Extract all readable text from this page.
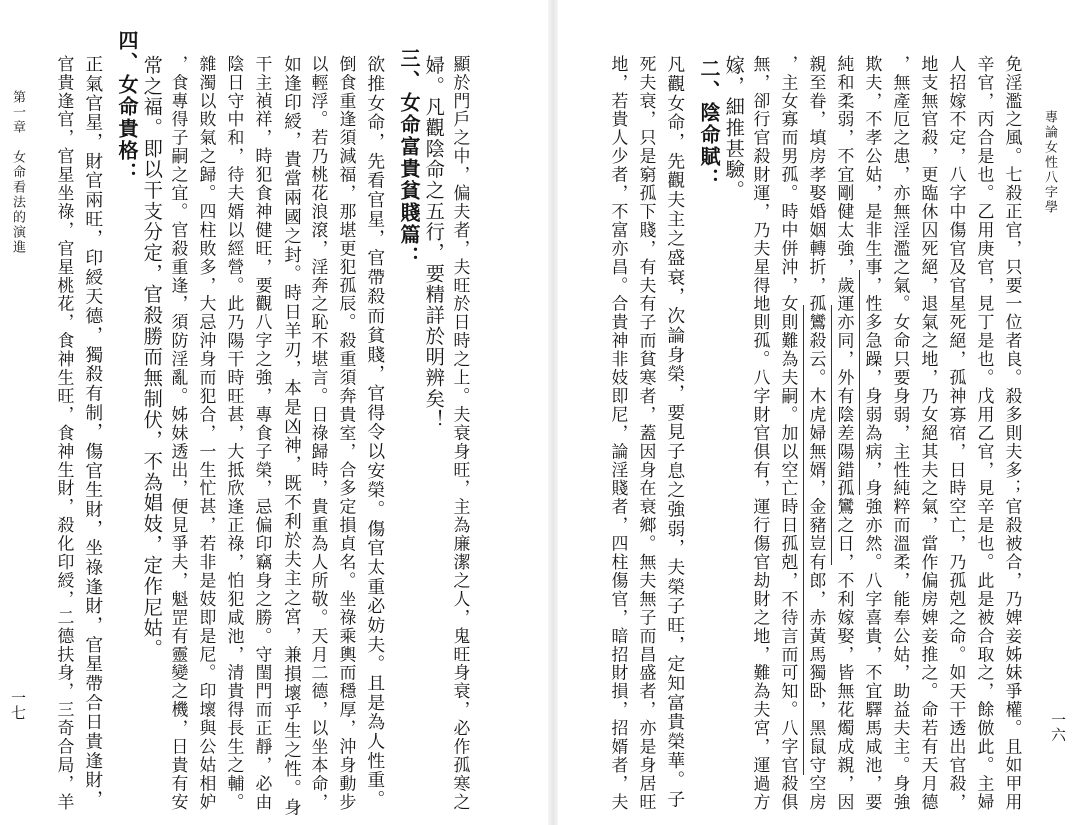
專論女性八字學
一六
免淫濫之風。七殺正官，只要一位者良。殺多則夫多；官殺被合，乃婢妾姊妹爭權。且如甲用
辛官，丙合是也。乙用庚官，見丁是也。戊用乙官，見辛是也。此是被合取之，餘倣此。主婦
人招嫁不定，八字中傷官及官星死絕，孤神寡宿，日時空亡，乃孤剋之命。如天干透出官殺，
地支無官殺，更臨休囚死絕，退氣之地，乃女絕其夫之氣，當作偏房婢妾推之。命若有天月德
，無產厄之患，亦無淫濫之氣。女命只要身弱，主性純粹而溫柔，能奉公姑，助益夫主。身強
欺夫，不孝公姑，是非生事，性多急躁，身弱為病，身強亦然。八字喜貴，不宜驛馬咸池，要
純和柔弱，不宜剛健太強，歲運亦同，外有陰差陽錯孤鸞之日，不利嫁娶，皆無花燭成親，因
親至眷，填房孝娶婚姻轉折，孤鸞殺云。木虎婦無婿，金豬豈有郎，赤黃馬獨卧，黑鼠守空房
，主女寡而男孤。時中併沖，女則難為夫嗣。加以空亡時日孤剋，不待言而可知。八字官殺俱
無，卻行官殺財運，乃夫星得地則孤。八字財官俱有，運行傷官劫財之地，難為夫宮，運過方
嫁，細推甚驗。
二、陰命賦：
凡觀女命，先觀夫主之盛衰，次論身榮，要見子息之強弱，夫榮子旺，定知富貴榮華。子
死夫衰，只是窮孤下賤，有夫有子而貧寒者，蓋因身在衰鄉。無夫無子而昌盛者，亦是身居旺
地，若貴人少者，不富亦昌。合貴神非妓即尼，論淫賤者，四柱傷官，暗招財損，招婿者，夫
第一章　女命看法的演進
一七	顯於門戶之中，偏夫者，夫旺於日時之上。夫衰身旺，主為廉潔之人，鬼旺身衰，必作孤寒之
婦。凡觀陰命之五行，要精詳於明辨矣！
三、女命富貴貧賤篇：
欲推女命，先看官星，官帶殺而貧賤，官得令以安榮。傷官太重必妨夫。且是為人性重。
倒食重逢須減福，那堪更犯孤辰。殺重須奔貴室，合多定損貞名。坐祿乘輿而穩厚，沖身動步
以輕浮。若乃桃花浪滾，淫奔之恥不堪言。日祿歸時，貴重為人所敬。天月二德，以坐本命，
如逢印綬，貴當兩國之封。時日羊刃，本是凶神，既不利於夫主之宮，兼損壞乎生之性。身
干主禎祥，時犯食神健旺，要觀八字之強，專食子榮，忌偏印竊身之勝。守閨門而正靜，必由
陰日守中和，待夫婿以經營。此乃陽干時旺甚，大抵欣逢正祿，怕犯咸池，清貴得長生之輔。
雜濁以敗氣之歸。四柱敗多，大忌沖身而犯合，一生忙甚，若非是妓即是尼。印壞與公姑相妒
，食專得子嗣之宜。官殺重逢，須防淫亂。姊妹透出，便見爭夫，魁罡有靈變之機，日貴有安
常之福。即以干支分定，官殺勝而無制伏，不為娼妓，定作尼姑。
四、女命貴格：
正氣官星，財官兩旺，印綬天德，獨殺有制，傷官生財，坐祿逢財，官星帶合日貴逢財，
官貴逢官，官星坐祿，官星桃花，食神生旺，食神生財，殺化印綬，二德扶身，三奇合局，羊
